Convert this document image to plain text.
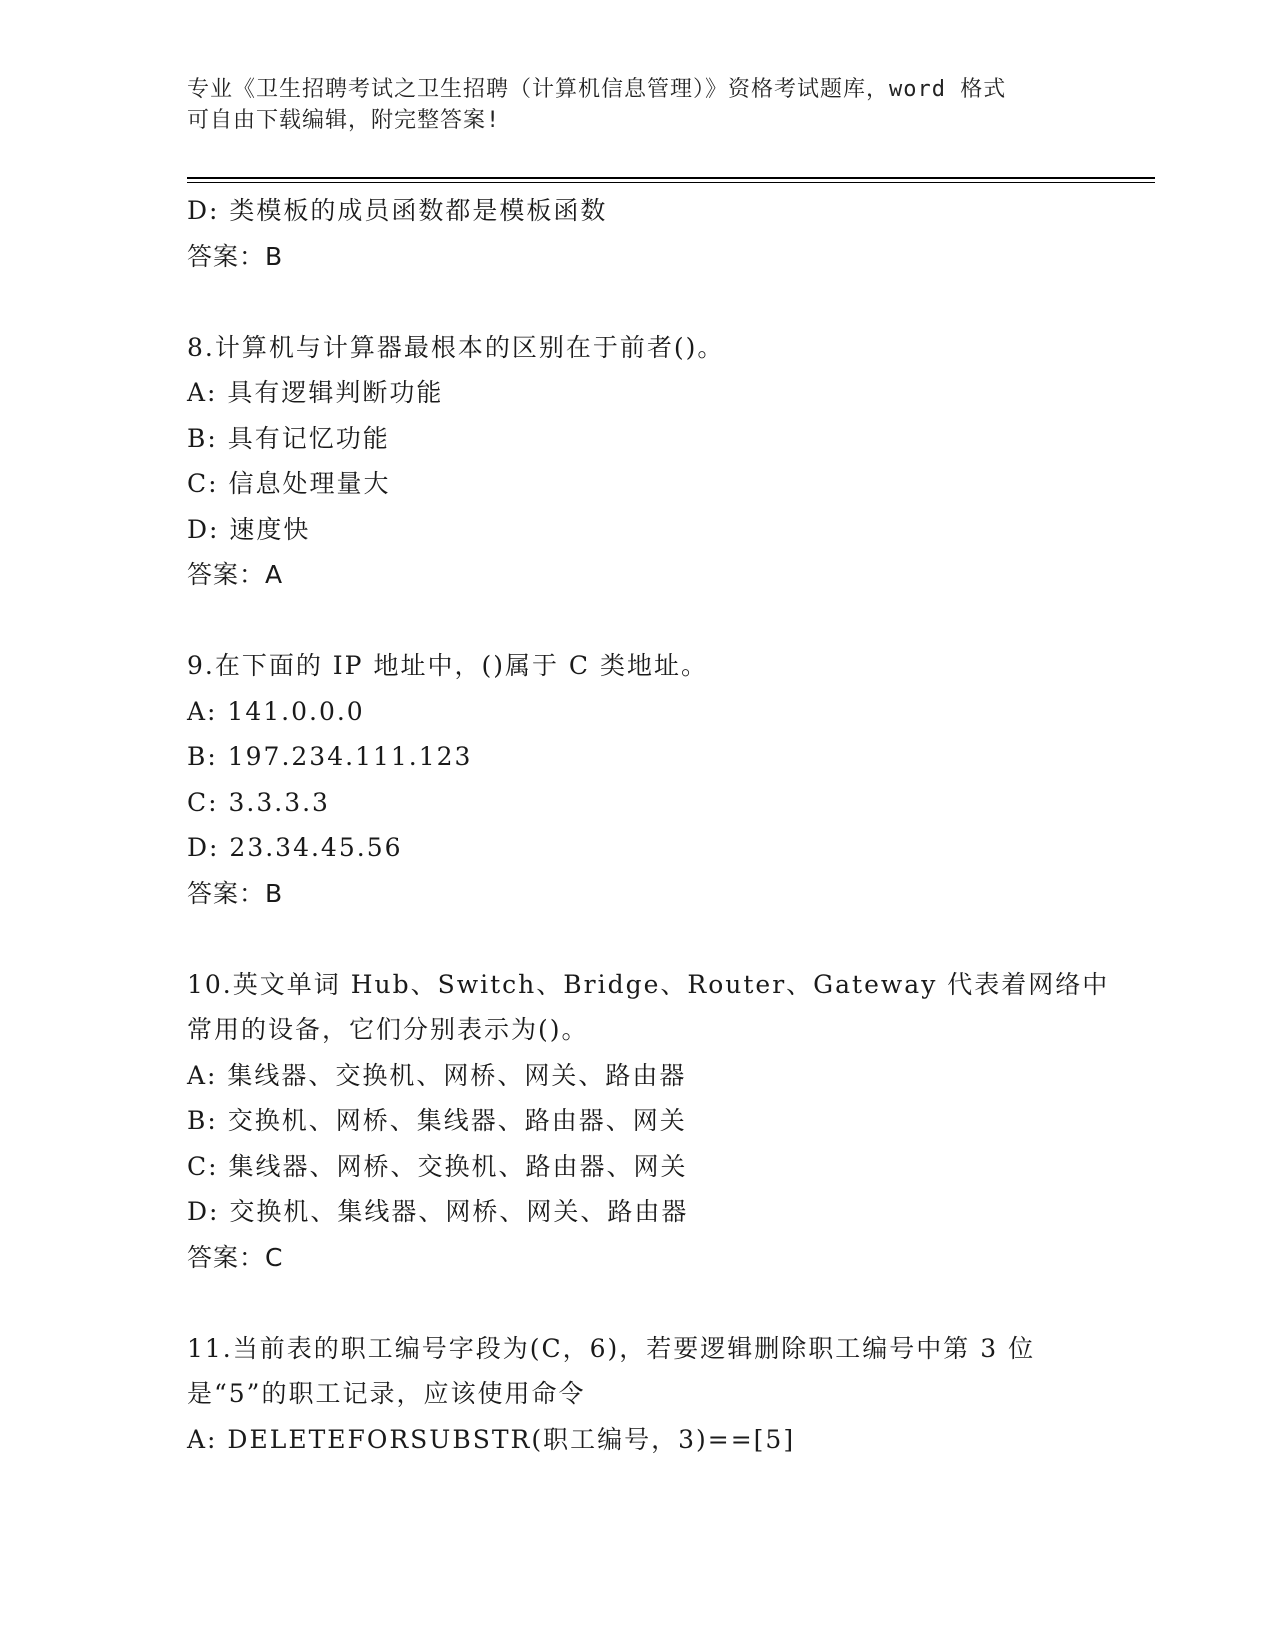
专业《卫生招聘考试之卫生招聘（计算机信息管理）》资格考试题库，word 格式
可自由下载编辑，附完整答案!
D: 类模板的成员函数都是模板函数
答案：B
8.计算机与计算器最根本的区别在于前者()。
A: 具有逻辑判断功能
B: 具有记忆功能
C: 信息处理量大
D: 速度快
答案：A
9.在下面的 IP 地址中，()属于 C 类地址。
A: 141.0.0.0
B: 197.234.111.123
C: 3.3.3.3
D: 23.34.45.56
答案：B
10.英文单词 Hub、Switch、Bridge、Router、Gateway 代表着网络中
常用的设备，它们分别表示为()。
A: 集线器、交换机、网桥、网关、路由器
B: 交换机、网桥、集线器、路由器、网关
C: 集线器、网桥、交换机、路由器、网关
D: 交换机、集线器、网桥、网关、路由器
答案：C
11.当前表的职工编号字段为(C，6)，若要逻辑删除职工编号中第 3 位
是“5”的职工记录，应该使用命令
A: DELETEFORSUBSTR(职工编号，3)==[5]
